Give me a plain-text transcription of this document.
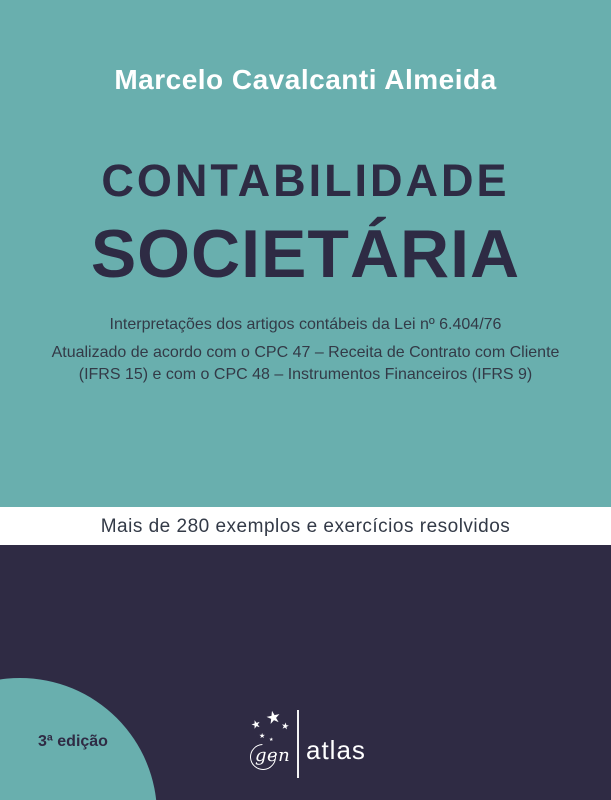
Marcelo Cavalcanti Almeida
CONTABILIDADE
SOCIETÁRIA
Interpretações dos artigos contábeis da Lei nº 6.404/76
Atualizado de acordo com o CPC 47 – Receita de Contrato com Cliente (IFRS 15) e com o CPC 48 – Instrumentos Financeiros (IFRS 9)
Mais de 280 exemplos e exercícios resolvidos
3ª edição
★
★ ★
★ ★
gen atlas
